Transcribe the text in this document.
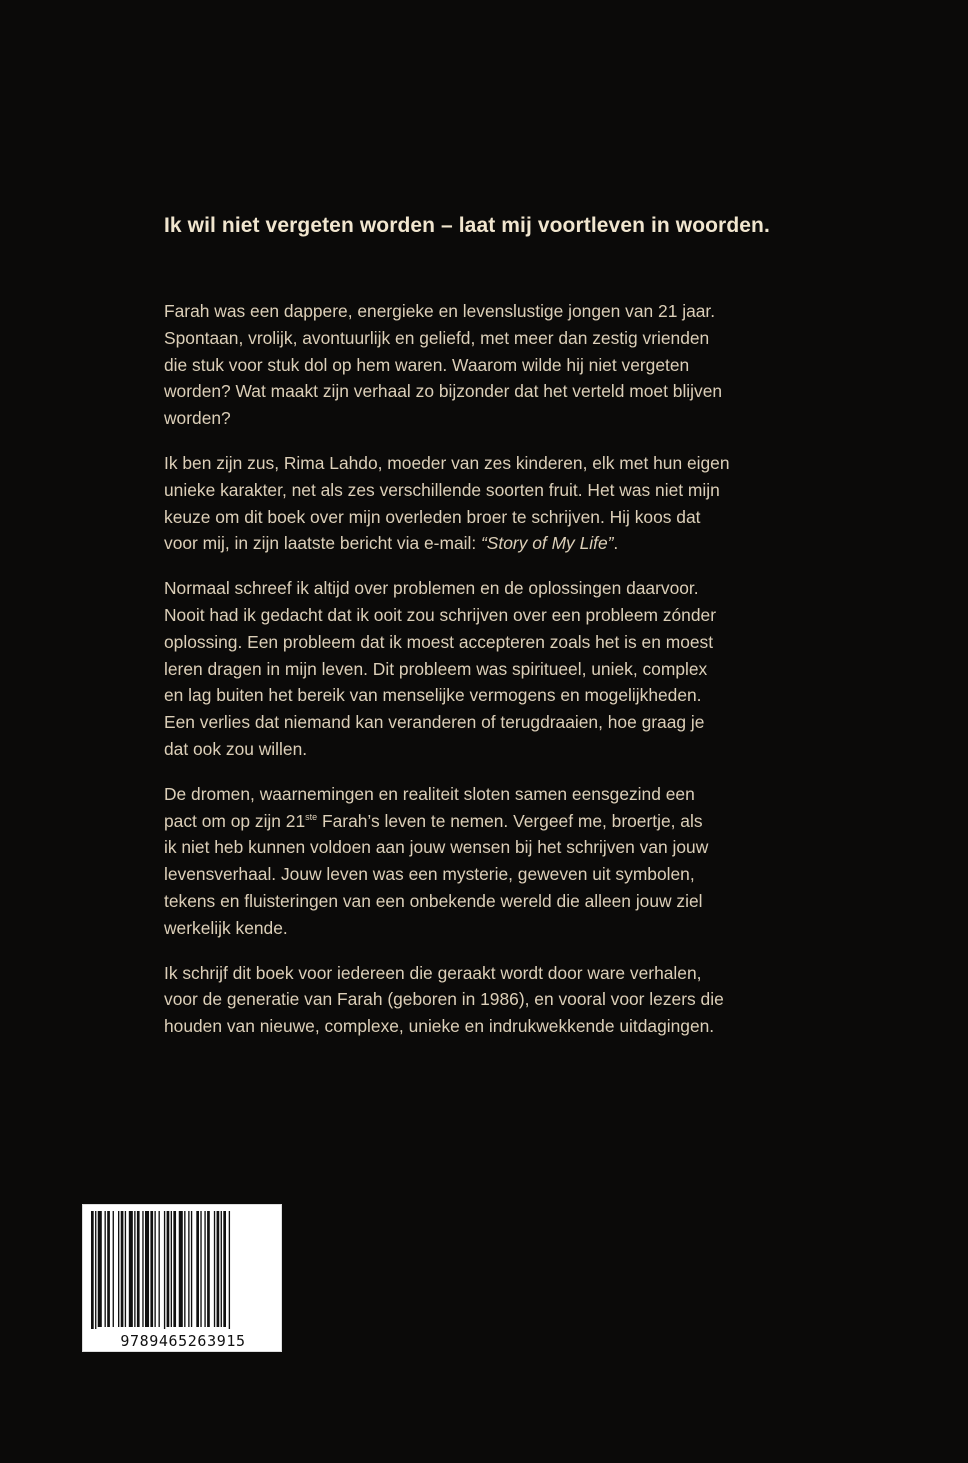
Ik wil niet vergeten worden – laat mij voortleven in woorden.

Farah was een dappere, energieke en levenslustige jongen van 21 jaar.
Spontaan, vrolijk, avontuurlijk en geliefd, met meer dan zestig vrienden
die stuk voor stuk dol op hem waren. Waarom wilde hij niet vergeten
worden? Wat maakt zijn verhaal zo bijzonder dat het verteld moet blijven
worden?

Ik ben zijn zus, Rima Lahdo, moeder van zes kinderen, elk met hun eigen
unieke karakter, net als zes verschillende soorten fruit. Het was niet mijn
keuze om dit boek over mijn overleden broer te schrijven. Hij koos dat
voor mij, in zijn laatste bericht via e-mail: “Story of My Life”.

Normaal schreef ik altijd over problemen en de oplossingen daarvoor.
Nooit had ik gedacht dat ik ooit zou schrijven over een probleem zónder
oplossing. Een probleem dat ik moest accepteren zoals het is en moest
leren dragen in mijn leven. Dit probleem was spiritueel, uniek, complex
en lag buiten het bereik van menselijke vermogens en mogelijkheden.
Een verlies dat niemand kan veranderen of terugdraaien, hoe graag je
dat ook zou willen.

De dromen, waarnemingen en realiteit sloten samen eensgezind een
pact om op zijn 21ste Farah’s leven te nemen. Vergeef me, broertje, als
ik niet heb kunnen voldoen aan jouw wensen bij het schrijven van jouw
levensverhaal. Jouw leven was een mysterie, geweven uit symbolen,
tekens en fluisteringen van een onbekende wereld die alleen jouw ziel
werkelijk kende.

Ik schrijf dit boek voor iedereen die geraakt wordt door ware verhalen,
voor de generatie van Farah (geboren in 1986), en vooral voor lezers die
houden van nieuwe, complexe, unieke en indrukwekkende uitdagingen.

9789465263915
